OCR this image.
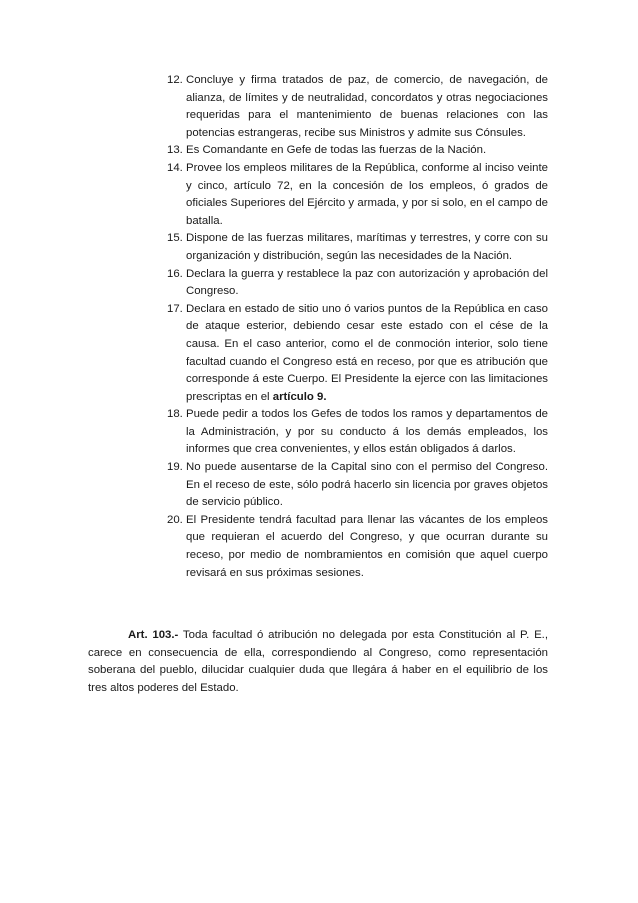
12. Concluye y firma tratados de paz, de comercio, de navegación, de alianza, de límites y de neutralidad, concordatos y otras negociaciones requeridas para el mantenimiento de buenas relaciones con las potencias estrangeras, recibe sus Ministros y admite sus Cónsules.
13. Es Comandante en Gefe de todas las fuerzas de la Nación.
14. Provee los empleos militares de la República, conforme al inciso veinte y cinco, artículo 72, en la concesión de los empleos, ó grados de oficiales Superiores del Ejército y armada, y por si solo, en el campo de batalla.
15. Dispone de las fuerzas militares, marítimas y terrestres, y corre con su organización y distribución, según las necesidades de la Nación.
16. Declara la guerra y restablece la paz con autorización y aprobación del Congreso.
17. Declara en estado de sitio uno ó varios puntos de la República en caso de ataque esterior, debiendo cesar este estado con el cése de la causa. En el caso anterior, como el de conmoción interior, solo tiene facultad cuando el Congreso está en receso, por que es atribución que corresponde á este Cuerpo. El Presidente la ejerce con las limitaciones prescriptas en el artículo 9.
18. Puede pedir a todos los Gefes de todos los ramos y departamentos de la Administración, y por su conducto á los demás empleados, los informes que crea convenientes, y ellos están obligados á darlos.
19. No puede ausentarse de la Capital sino con el permiso del Congreso. En el receso de este, sólo podrá hacerlo sin licencia por graves objetos de servicio público.
20. El Presidente tendrá facultad para llenar las vácantes de los empleos que requieran el acuerdo del Congreso, y que ocurran durante su receso, por medio de nombramientos en comisión que aquel cuerpo revisará en sus próximas sesiones.

Art. 103.- Toda facultad ó atribución no delegada por esta Constitución al P. E., carece en consecuencia de ella, correspondiendo al Congreso, como representación soberana del pueblo, dilucidar cualquier duda que llegára á haber en el equilibrio de los tres altos poderes del Estado.
